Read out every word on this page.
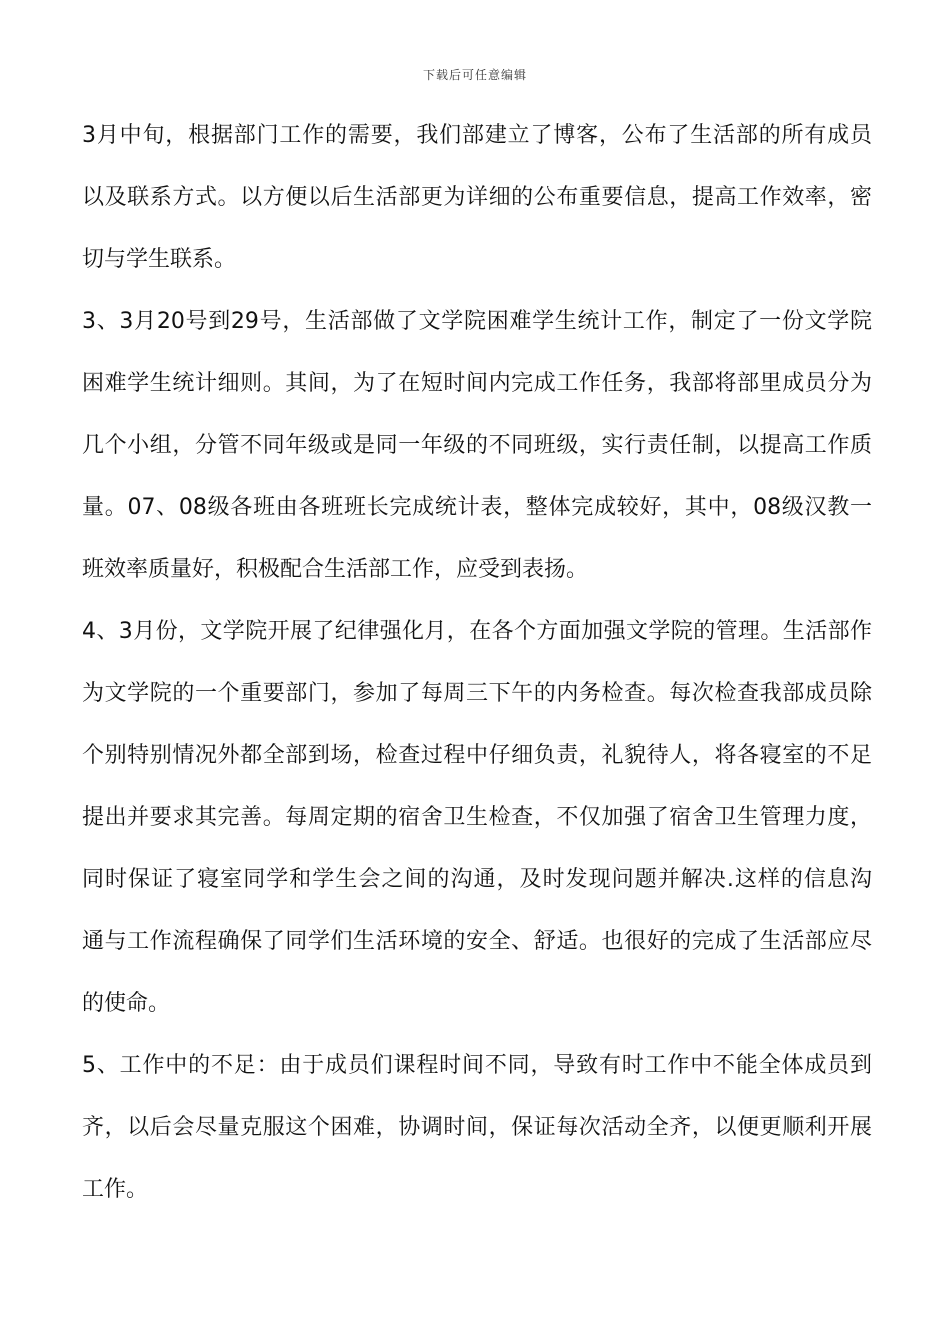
下载后可任意编辑
3月中旬，根据部门工作的需要，我们部建立了博客，公布了生活部的所有成员
以及联系方式。以方便以后生活部更为详细的公布重要信息，提高工作效率，密
切与学生联系。
3、3月20号到29号，生活部做了文学院困难学生统计工作，制定了一份文学院
困难学生统计细则。其间，为了在短时间内完成工作任务，我部将部里成员分为
几个小组，分管不同年级或是同一年级的不同班级，实行责任制，以提高工作质
量。07、08级各班由各班班长完成统计表，整体完成较好，其中，08级汉教一
班效率质量好，积极配合生活部工作，应受到表扬。
4、3月份，文学院开展了纪律强化月，在各个方面加强文学院的管理。生活部作
为文学院的一个重要部门，参加了每周三下午的内务检查。每次检查我部成员除
个别特别情况外都全部到场，检查过程中仔细负责，礼貌待人，将各寝室的不足
提出并要求其完善。每周定期的宿舍卫生检查，不仅加强了宿舍卫生管理力度，
同时保证了寝室同学和学生会之间的沟通，及时发现问题并解决.这样的信息沟
通与工作流程确保了同学们生活环境的安全、舒适。也很好的完成了生活部应尽
的使命。
5、工作中的不足：由于成员们课程时间不同，导致有时工作中不能全体成员到
齐，以后会尽量克服这个困难，协调时间，保证每次活动全齐，以便更顺利开展
工作。
